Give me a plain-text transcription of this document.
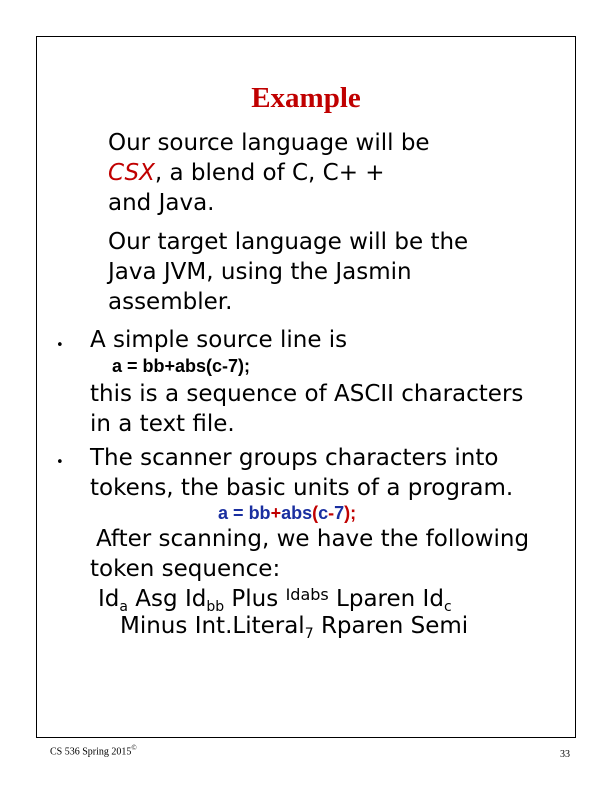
Example

Our source language will be
CSX, a blend of C, C+ +
and Java.

Our target language will be the
Java JVM, using the Jasmin
assembler.

• A simple source line is

a = bb+abs(c-7);

this is a sequence of ASCII characters
in a text file.

• The scanner groups characters into
tokens, the basic units of a program.

a = bb+abs(c-7);

After scanning, we have the following
token sequence:

$Id_a$ Asg $Id_{bb}$ Plus $^{Idabs}$ Lparen $Id_c$

Minus Int.Literal$_7$ Rparen Semi

CS 536 Spring 2015©
33
